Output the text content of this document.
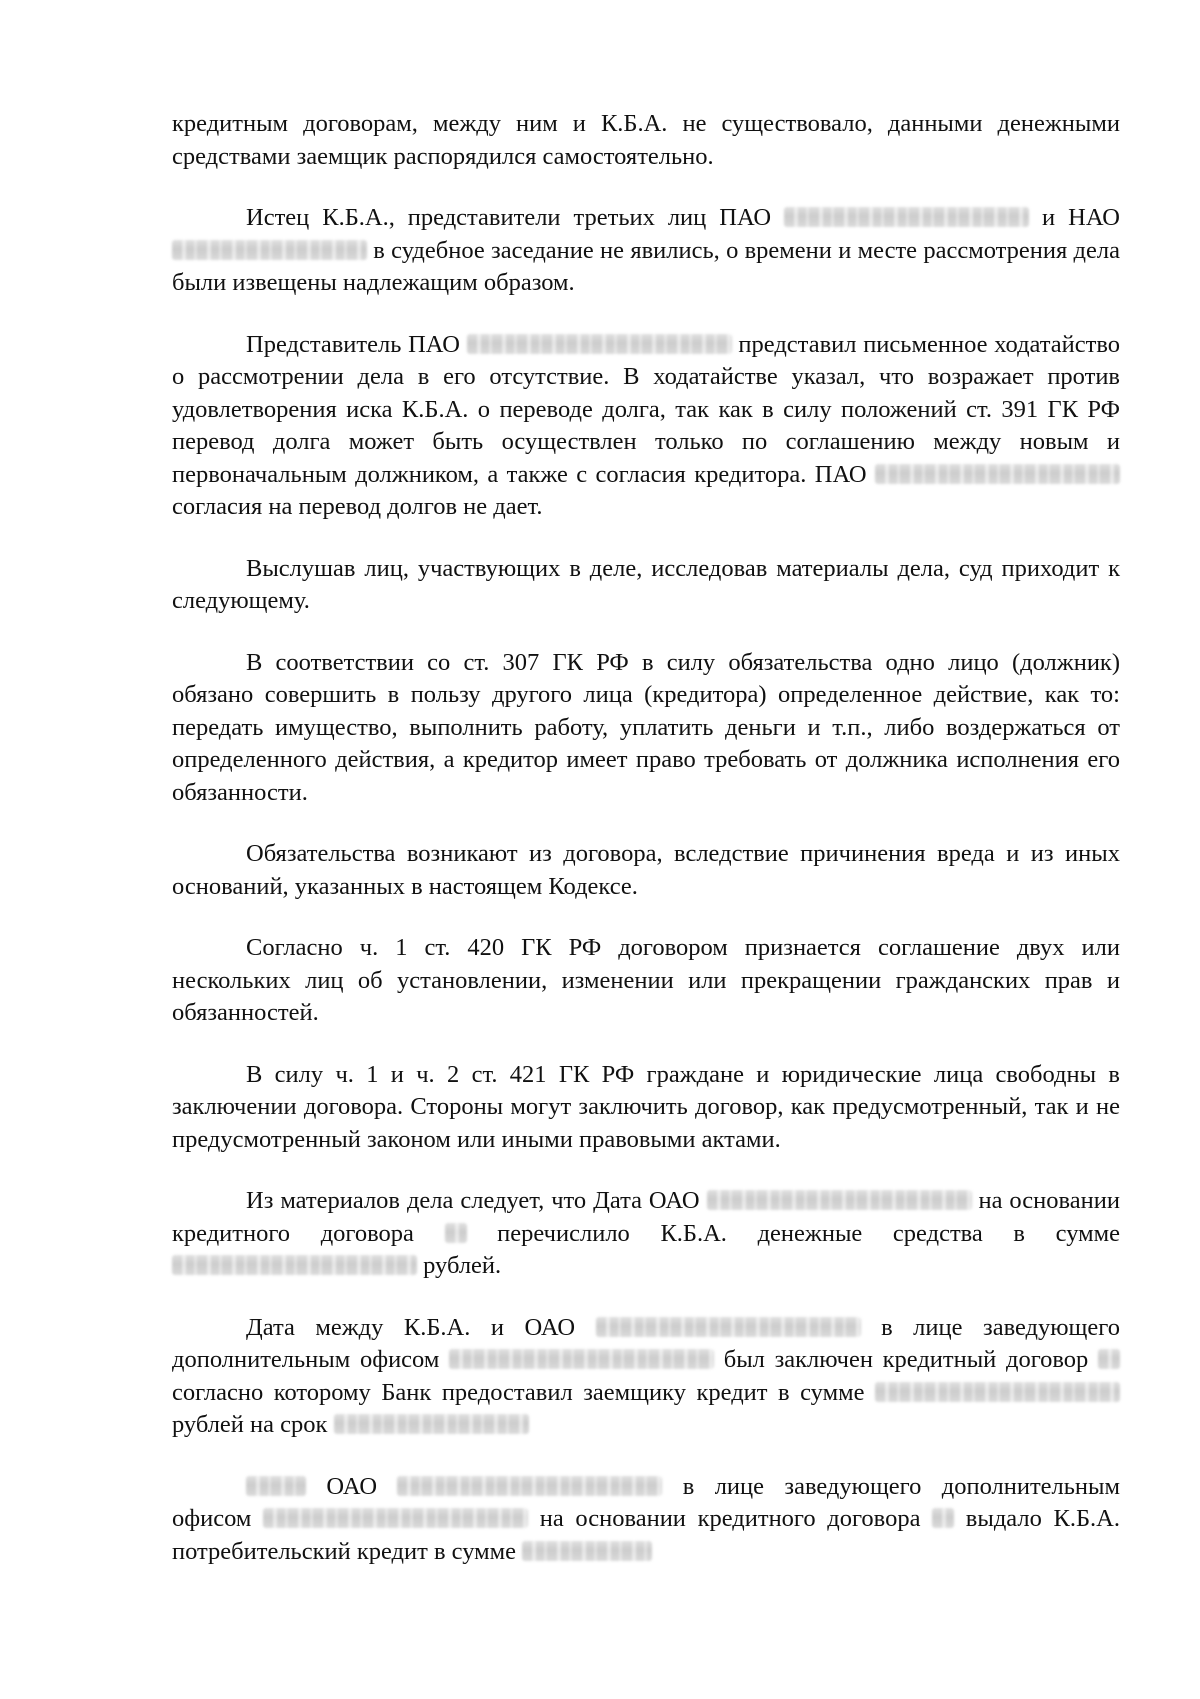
кредитным договорам, между ним и К.Б.А. не существовало, данными денежными средствами заемщик распорядился самостоятельно.

Истец К.Б.А., представители третьих лиц ПАО	и НАО  в судебное заседание не явились, о времени и месте рассмотрения дела были извещены надлежащим образом.

Представитель ПАО	представил письменное ходатайство о рассмотрении дела в его отсутствие. В ходатайстве указал, что возражает против удовлетворения иска К.Б.А. о переводе долга, так как в силу положений ст. 391 ГК РФ перевод долга может быть осуществлен только по соглашению между новым и первоначальным должником, а также с согласия кредитора. ПАО  согласия на перевод долгов не дает.

Выслушав лиц, участвующих в деле, исследовав материалы дела, суд приходит к следующему.

В соответствии со ст. 307 ГК РФ в силу обязательства одно лицо (должник) обязано совершить в пользу другого лица (кредитора) определенное действие, как то: передать имущество, выполнить работу, уплатить деньги и т.п., либо воздержаться от определенного действия, а кредитор имеет право требовать от должника исполнения его обязанности.

Обязательства возникают из договора, вследствие причинения вреда и из иных оснований, указанных в настоящем Кодексе.

Согласно ч. 1 ст. 420 ГК РФ договором признается соглашение двух или нескольких лиц об установлении, изменении или прекращении гражданских прав и обязанностей.

В силу ч. 1 и ч. 2 ст. 421 ГК РФ граждане и юридические лица свободны в заключении договора. Стороны могут заключить договор, как предусмотренный, так и не предусмотренный законом или иными правовыми актами.

Из материалов дела следует, что Дата ОАО	на основании кредитного договора  перечислило К.Б.А. денежные средства в сумме  рублей.

Дата между К.Б.А. и ОАО	в лице заведующего дополнительным офисом	был заключен кредитный договор  согласно которому Банк предоставил заемщику кредит в сумме  рублей на срок

ОАО	в лице заведующего дополнительным офисом	на основании кредитного договора  выдало К.Б.А. потребительский кредит в сумме
